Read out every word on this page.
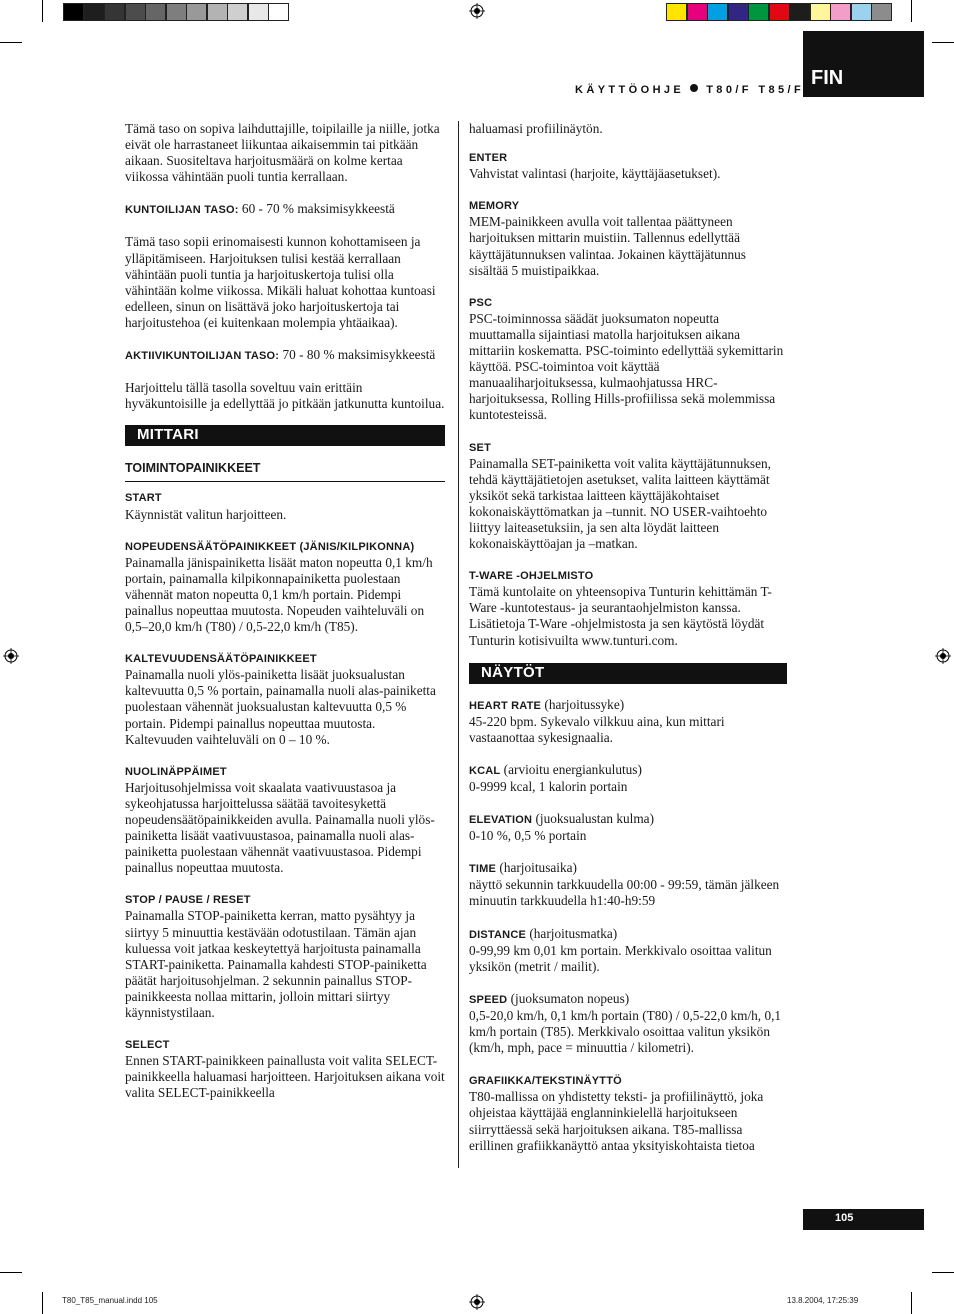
FIN
KÄYTTÖOHJE T80/F T85/F

Tämä taso on sopiva laihduttajille, toipilaille ja niille, jotka eivät ole harrastaneet liikuntaa aikaisemmin tai pitkään aikaan. Suositeltava harjoitusmäärä on kolme kertaa viikossa vähintään puoli tuntia kerrallaan.

KUNTOILIJAN TASO: 60 - 70 % maksimisykkeestä

Tämä taso sopii erinomaisesti kunnon kohottamiseen ja ylläpitämiseen. Harjoituksen tulisi kestää kerrallaan vähintään puoli tuntia ja harjoituskertoja tulisi olla vähintään kolme viikossa. Mikäli haluat kohottaa kuntoasi edelleen, sinun on lisättävä joko harjoituskertoja tai harjoitustehoa (ei kuitenkaan molempia yhtäaikaa).

AKTIIVIKUNTOILIJAN TASO: 70 - 80 % maksimisykkeestä

Harjoittelu tällä tasolla soveltuu vain erittäin hyväkuntoisille ja edellyttää jo pitkään jatkunutta kuntoilua.

MITTARI
TOIMINTOPAINIKKEET
START

Käynnistät valitun harjoitteen.

NOPEUDENSÄÄTÖPAINIKKEET (JÄNIS/KILPIKONNA)

Painamalla jänispainiketta lisäät maton nopeutta 0,1 km/h portain, painamalla kilpikonnapainiketta puolestaan vähennät maton nopeutta 0,1 km/h portain. Pidempi painallus nopeuttaa muutosta. Nopeuden vaihteluväli on 0,5–20,0 km/h (T80) / 0,5-22,0 km/h (T85).

KALTEVUUDENSÄÄTÖPAINIKKEET

Painamalla nuoli ylös-painiketta lisäät juoksualustan kaltevuutta 0,5 % portain, painamalla nuoli alas-painiketta puolestaan vähennät juoksualustan kaltevuutta 0,5 % portain. Pidempi painallus nopeuttaa muutosta. Kaltevuuden vaihteluväli on 0 – 10 %.

NUOLINÄPPÄIMET

Harjoitusohjelmissa voit skaalata vaativuustasoa ja sykeohjatussa harjoittelussa säätää tavoitesykettä nopeudensäätöpainikkeiden avulla. Painamalla nuoli ylös-painiketta lisäät vaativuustasoa, painamalla nuoli alas-painiketta puolestaan vähennät vaativuustasoa. Pidempi painallus nopeuttaa muutosta.

STOP / PAUSE / RESET

Painamalla STOP-painiketta kerran, matto pysähtyy ja siirtyy 5 minuuttia kestävään odotustilaan. Tämän ajan kuluessa voit jatkaa keskeytettyä harjoitusta painamalla START-painiketta. Painamalla kahdesti STOP-painiketta päätät harjoitusohjelman. 2 sekunnin painallus STOP-painikkeesta nollaa mittarin, jolloin mittari siirtyy käynnistystilaan.

SELECT

Ennen START-painikkeen painallusta voit valita SELECT-painikkeella haluamasi harjoitteen. Harjoituksen aikana voit valita SELECT-painikkeella

haluamasi profiilinäytön.

ENTER

Vahvistat valintasi (harjoite, käyttäjäasetukset).

MEMORY

MEM-painikkeen avulla voit tallentaa päättyneen harjoituksen mittarin muistiin. Tallennus edellyttää käyttäjätunnuksen valintaa. Jokainen käyttäjätunnus sisältää 5 muistipaikkaa.

PSC

PSC-toiminnossa säädät juoksumaton nopeutta muuttamalla sijaintiasi matolla harjoituksen aikana mittariin koskematta. PSC-toiminto edellyttää sykemittarin käyttöä. PSC-toimintoa voit käyttää manuaaliharjoituksessa, kulmaohjatussa HRC-harjoituksessa, Rolling Hills-profiilissa sekä molemmissa kuntotesteissä.

SET

Painamalla SET-painiketta voit valita käyttäjätunnuksen, tehdä käyttäjätietojen asetukset, valita laitteen käyttämät yksiköt sekä tarkistaa laitteen käyttäjäkohtaiset kokonaiskäyttömatkan ja –tunnit. NO USER-vaihtoehto liittyy laiteasetuksiin, ja sen alta löydät laitteen kokonaiskäyttöajan ja –matkan.

T-WARE -OHJELMISTO

Tämä kuntolaite on yhteensopiva Tunturin kehittämän T-Ware -kuntotestaus- ja seurantaohjelmiston kanssa. Lisätietoja T-Ware -ohjelmistosta ja sen käytöstä löydät Tunturin kotisivuilta www.tunturi.com.

NÄYTÖT

HEART RATE (harjoitussyke)

45-220 bpm. Sykevalo vilkkuu aina, kun mittari vastaanottaa sykesignaalia.

KCAL (arvioitu energiankulutus)

0-9999 kcal, 1 kalorin portain

ELEVATION (juoksualustan kulma)

0-10 %, 0,5 % portain

TIME (harjoitusaika)

näyttö sekunnin tarkkuudella 00:00 - 99:59, tämän jälkeen minuutin tarkkuudella h1:40-h9:59

DISTANCE (harjoitusmatka)

0-99,99 km 0,01 km portain. Merkkivalo osoittaa valitun yksikön (metrit / mailit).

SPEED (juoksumaton nopeus)

0,5-20,0 km/h, 0,1 km/h portain (T80) / 0,5-22,0 km/h, 0,1 km/h portain (T85). Merkkivalo osoittaa valitun yksikön (km/h, mph, pace = minuuttia / kilometri).

GRAFIIKKA/TEKSTINÄYTTÖ

T80-mallissa on yhdistetty teksti- ja profiilinäyttö, joka ohjeistaa käyttäjää englanninkielellä harjoitukseen siirryttäessä sekä harjoituksen aikana. T85-mallissa erillinen grafiikkanäyttö antaa yksityiskohtaista tietoa

105
T80_T85_manual.indd 105	13.8.2004, 17:25:39
